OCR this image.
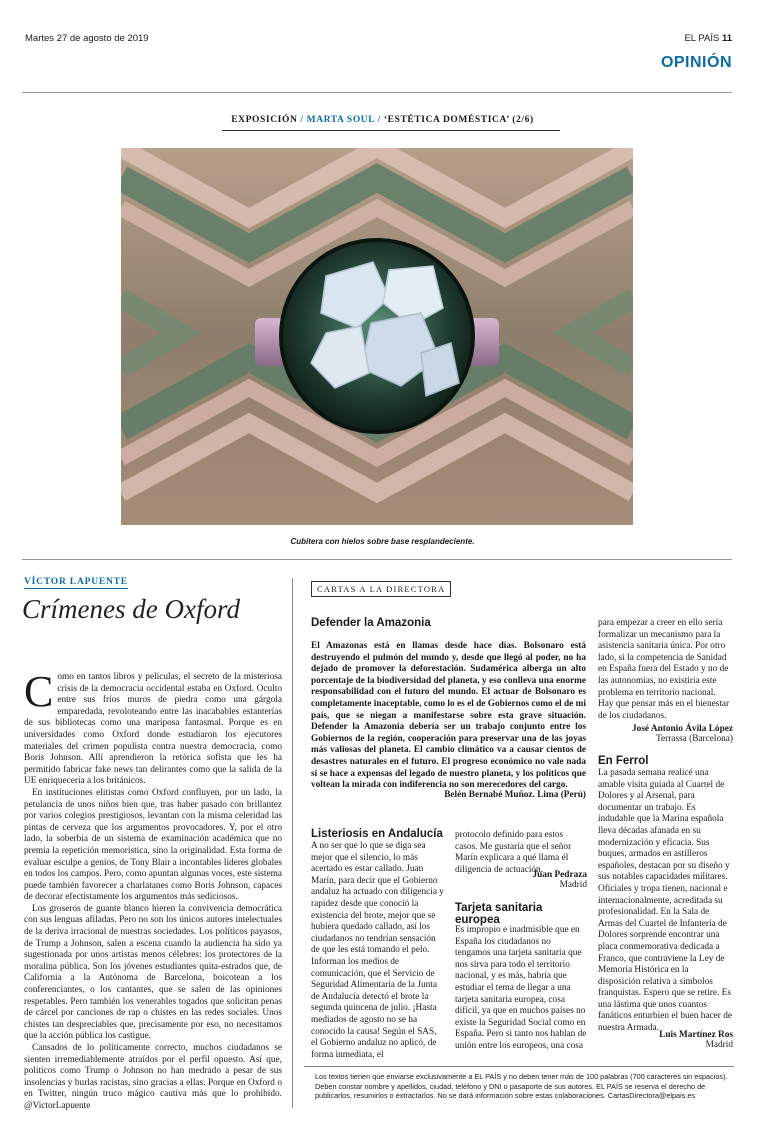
Martes 27 de agosto de 2019	EL PAÍS 11
OPINIÓN
EXPOSICIÓN / MARTA SOUL / ‘ESTÉTICA DOMÉSTICA’ (2/6)
Cubitera con hielos sobre base resplandeciente.
VÍCTOR LAPUENTE
Crímenes de Oxford

Como en tantos libros y películas, el secreto de la misteriosa crisis de la democracia occidental estaba en Oxford. Oculto entre sus fríos muros de piedra como una gárgola emparedada, revoloteando entre las inacabables estanterías de sus bibliotecas como una mariposa fantasmal. Porque es en universidades como Oxford donde estudiaron los ejecutores materiales del crimen populista contra nuestra democracia, como Boris Johnson. Allí aprendieron la retórica sofista que les ha permitido fabricar fake news tan delirantes como que la salida de la UE enriquecería a los británicos.

En instituciones elitistas como Oxford confluyen, por un lado, la petulancia de unos niños bien que, tras haber pasado con brillantez por varios colegios prestigiosos, levantan con la misma celeridad las pintas de cerveza que los argumentos provocadores. Y, por el otro lado, la soberbia de un sistema de examinación académica que no premia la repetición memorística, sino la originalidad. Esta forma de evaluar esculpe a genios, de Tony Blair a incontables líderes globales en todos los campos. Pero, como apuntan algunas voces, este sistema puede también favorecer a charlatanes como Boris Johnson, capaces de decorar efectistamente los argumentos más sediciosos.

Los groseros de guante blanco hieren la convivencia democrática con sus lenguas afiladas. Pero no son los únicos autores intelectuales de la deriva irracional de nuestras sociedades. Los políticos payasos, de Trump a Johnson, salen a escena cuando la audiencia ha sido ya sugestionada por unos artistas menos célebres: los protectores de la moralina pública. Son los jóvenes estudiantes quita-estrados que, de California a la Autónoma de Barcelona, boicotean a los conferenciantes, o los cantantes, que se salen de las opiniones respetables. Pero también los venerables togados que solicitan penas de cárcel por canciones de rap o chistes en las redes sociales. Unos chistes tan despreciables que, precisamente por eso, no necesitamos que la acción pública los castigue.

Cansados de lo políticamente correcto, muchos ciudadanos se sienten irremediablemente atraídos por el perfil opuesto. Así que, políticos como Trump o Johnson no han medrado a pesar de sus insolencias y burlas racistas, sino gracias a ellas. Porque en Oxford o en Twitter, ningún truco mágico cautiva más que lo prohibido. @VictorLapuente

CARTAS A LA DIRECTORA
Defender la Amazonia
El Amazonas está en llamas desde hace días. Bolsonaro está destruyendo el pulmón del mundo y, desde que llegó al poder, no ha dejado de promover la deforestación. Sudamérica alberga un alto porcentaje de la biodiversidad del planeta, y eso conlleva una enorme responsabilidad con el futuro del mundo. El actuar de Bolsonaro es completamente inaceptable, como lo es el de Gobiernos como el de mi país, que se niegan a manifestarse sobre esta grave situación. Defender la Amazonia debería ser un trabajo conjunto entre los Gobiernos de la región, cooperación para preservar una de las joyas más valiosas del planeta. El cambio climático va a causar cientos de desastres naturales en el futuro. El progreso económico no vale nada si se hace a expensas del legado de nuestro planeta, y los políticos que voltean la mirada con indiferencia no son merecedores del cargo.
Belén Bernabé Muñoz. Lima (Perú)
Listeriosis en Andalucía
A no ser que lo que se diga sea mejor que el silencio, lo más acertado es estar callado. Juan Marín, para decir que el Gobierno andaluz ha actuado con diligencia y rapidez desde que conoció la existencia del brote, mejor que se hubiera quedado callado, así los ciudadanos no tendrían sensación de que les está tomando el pelo. Informan los medios de comunicación, que el Servicio de Seguridad Alimentaria de la Junta de Andalucía detectó el brote la segunda quincena de julio. ¡Hasta mediados de agosto no se ha conocido la causa! Según el SAS, el Gobierno andaluz no aplicó, de forma inmediata, el
protocolo definido para estos casos. Me gustaría que el señor Marín explicara a qué llama él diligencia de actuación.
Juan Pedraza
Madrid
Tarjeta sanitaria europea
Es impropio e inadmisible que en España los ciudadanos no tengamos una tarjeta sanitaria que nos sirva para todo el territorio nacional, y es más, habría que estudiar el tema de llegar a una tarjeta sanitaria europea, cosa difícil, ya que en muchos países no existe la Seguridad Social como en España. Pero si tanto nos hablan de unión entre los europeos, una cosa
para empezar a creer en ello sería formalizar un mecanismo para la asistencia sanitaria única. Por otro lado, si la competencia de Sanidad en España fuera del Estado y no de las autonomías, no existiría este problema en territorio nacional. Hay que pensar más en el bienestar de los ciudadanos.
José Antonio Ávila López
Terrassa (Barcelona)
En Ferrol
La pasada semana realicé una amable visita guiada al Cuartel de Dolores y al Arsenal, para documentar un trabajo. Es indudable que la Marina española lleva décadas afanada en su modernización y eficacia. Sus buques, armados en astilleros españoles, destacan por su diseño y sus notables capacidades militares. Oficiales y tropa tienen, nacional e internacionalmente, acreditada su profesionalidad. En la Sala de Armas del Cuartel de Infantería de Dolores sorprende encontrar una placa conmemorativa dedicada a Franco, que contraviene la Ley de Memoria Histórica en la disposición relativa a símbolos franquistas. Espero que se retire. Es una lástima que unos cuantos fanáticos enturbien el buen hacer de nuestra Armada.
Luis Martínez Ros
Madrid
Los textos tienen que enviarse exclusivamente a EL PAÍS y no deben tener más de 100 palabras (700 caracteres sin espacios). Deben constar nombre y apellidos, ciudad, teléfono y DNI o pasaporte de sus autores. EL PAÍS se reserva el derecho de publicarlos, resumirlos o extractarlos. No se dará información sobre estas colaboraciones. CartasDirectora@elpais.es
